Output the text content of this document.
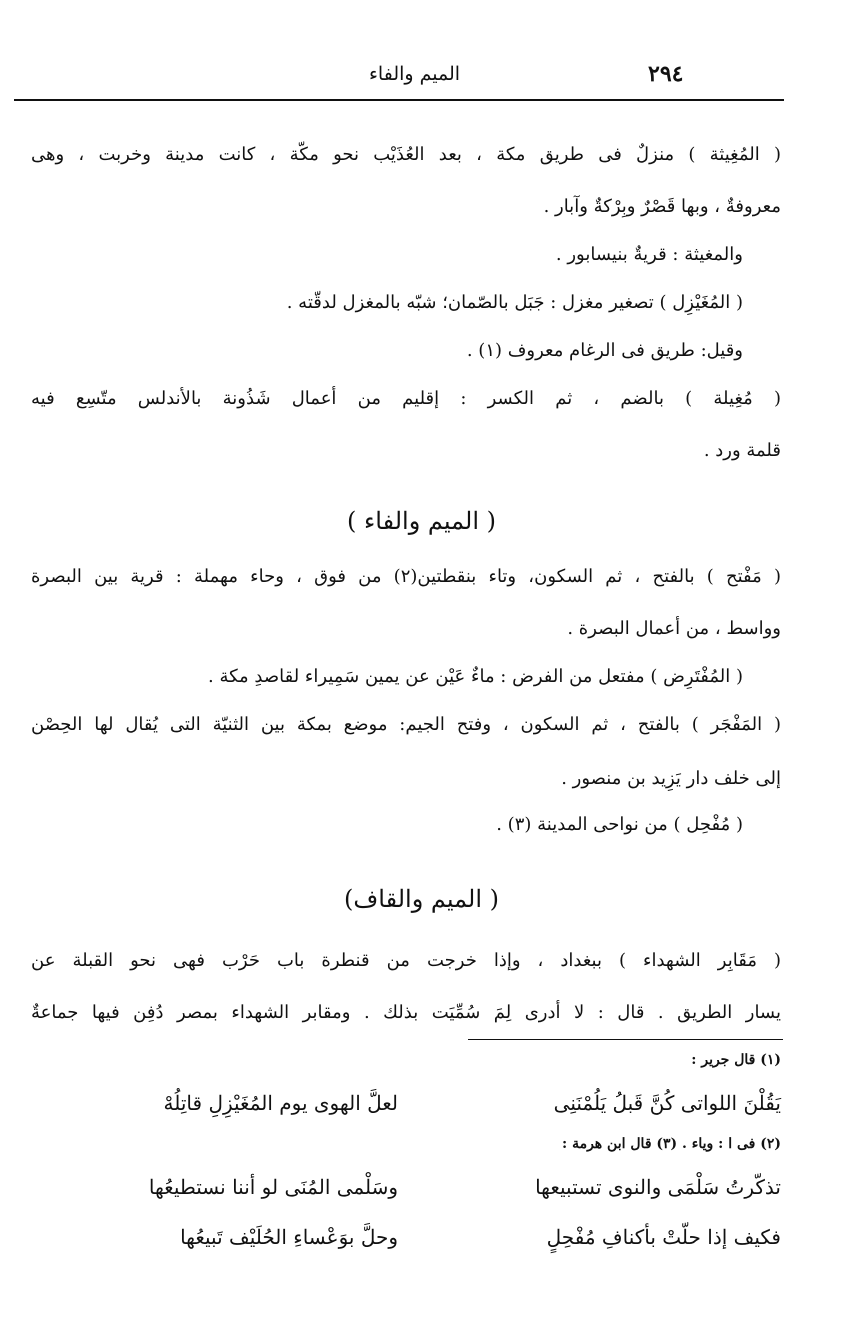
٢٩٤
الميم والفاء
( المُغِيثة ) منزلٌ فى طريق مكة ، بعد العُذَيْب نحو مكّة ، كانت مدينة وخربت ، وهى
معروفةٌ ، وبها قَصْرٌ وبِرْكةٌ وآبار .
والمغيثة : قريةٌ بنيسابور .
( المُغَيْزِل ) تصغير مغزل : جَبَل بالصّمان؛ شبّه بالمغزل لدقّته .
وقيل: طريق فى الرغام معروف (١) .
( مُغِيلة ) بالضم ، ثم الكسر : إقليم من أعمال شَذُونة بالأندلس متّسِع فيه
قلمة ورد .
( الميم والفاء )
( مَفْتح ) بالفتح ، ثم السكون، وتاء بنقطتين(٢) من فوق ، وحاء مهملة : قرية بين البصرة
وواسط ، من أعمال البصرة .
( المُفْتَرِض ) مفتعل من الفرض : ماءٌ عَيْن عن يمين سَمِيراء لقاصدِ مكة .
( المَفْجَر ) بالفتح ، ثم السكون ، وفتح الجيم: موضع بمكة بين الثنيّة التى يُقال لها الحِصْن
إلى خلف دار يَزِيد بن منصور .
( مُفْحِل ) من نواحى المدينة (٣) .
( الميم والقاف)
( مَقَابِر الشهداء ) ببغداد ، وإذا خرجت من قنطرة باب حَرْب فهى نحو القبلة عن
يسار الطريق . قال : لا أدرى لِمَ سُمِّيَت بذلك . ومقابر الشهداء بمصر دُفِن فيها جماعةٌ
(١) قال جرير :
يَقُلْنَ اللواتى كُنَّ قَبلُ يَلُمْنَنِى
لعلَّ الهوى يوم المُغَيْزِلِ قاتِلُهْ
(٢) فى ا : وياء . (٣) قال ابن هرمة :
تذكّرتُ سَلْمَى والنوى تستبيعها
وسَلْمى المُنَى لو أننا نستطيعُها
فكيف إذا حلّتْ بأكنافِ مُفْحِلٍ
وحلَّ بوَعْساءِ الحُلَيْف تَبيعُها
